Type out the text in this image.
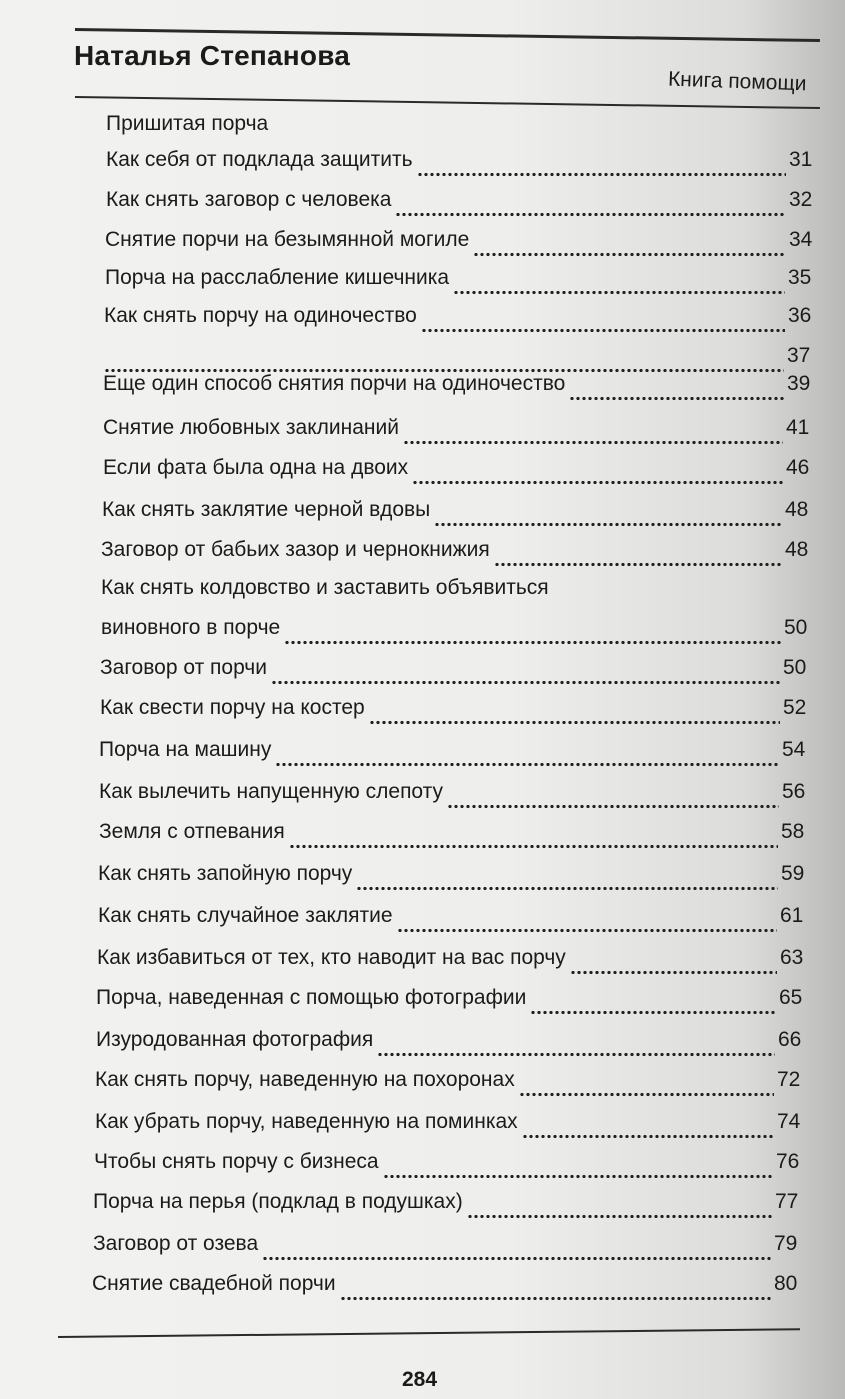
Наталья Степанова
Книга помощи
Пришитая порча
Как себя от подклада защитить	31
Как снять заговор с человека	32
Снятие порчи на безымянной могиле	34
Порча на расслабление кишечника	35
Как снять порчу на одиночество	36
37
Еще один способ снятия порчи на одиночество	39
Снятие любовных заклинаний	41
Если фата была одна на двоих	46
Как снять заклятие черной вдовы	48
Заговор от бабьих зазор и чернокнижия	48
Как снять колдовство и заставить объявиться
виновного в порче	50
Заговор от порчи	50
Как свести порчу на костер	52
Порча на машину	54
Как вылечить напущенную слепоту	56
Земля с отпевания	58
Как снять запойную порчу	59
Как снять случайное заклятие	61
Как избавиться от тех, кто наводит на вас порчу	63
Порча, наведенная с помощью фотографии	65
Изуродованная фотография	66
Как снять порчу, наведенную на похоронах	72
Как убрать порчу, наведенную на поминках	74
Чтобы снять порчу с бизнеса	76
Порча на перья (подклад в подушках)	77
Заговор от озева	79
Снятие свадебной порчи	80
284
